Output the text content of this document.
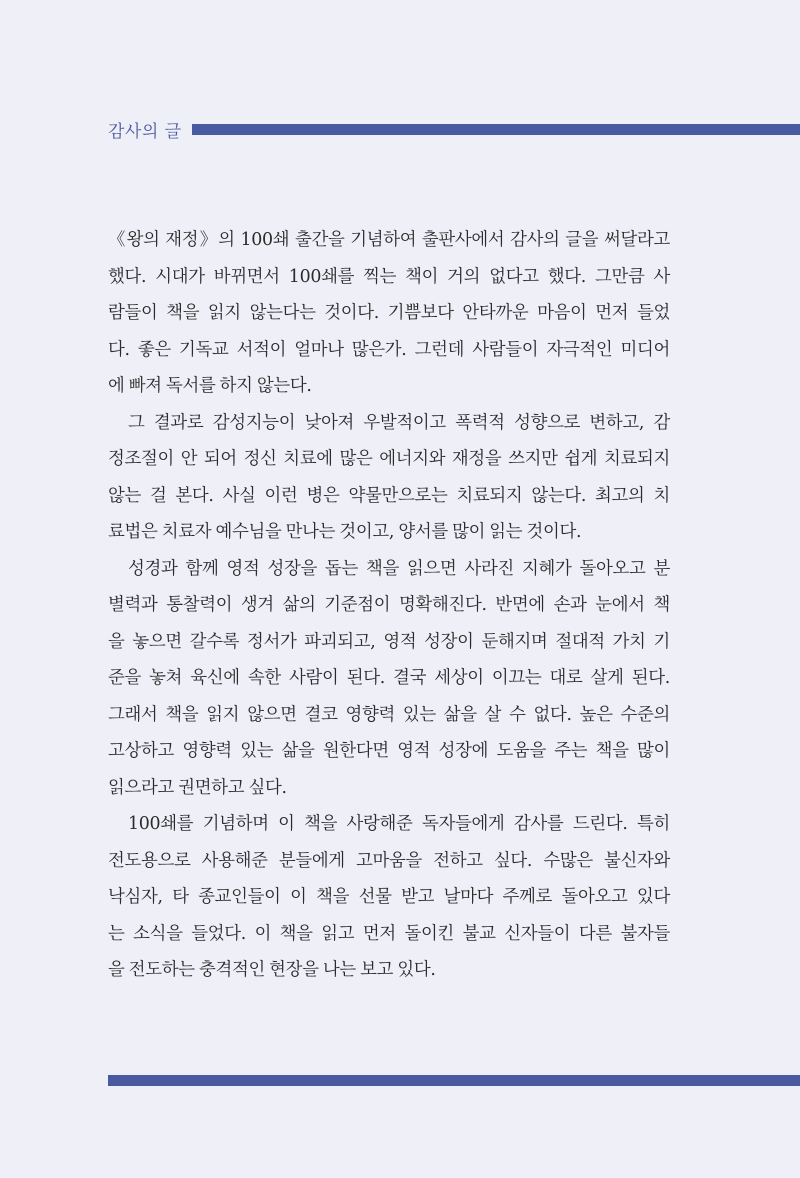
감사의 글

《왕의 재정》의 100쇄 출간을 기념하여 출판사에서 감사의 글을 써달라고
했다. 시대가 바뀌면서 100쇄를 찍는 책이 거의 없다고 했다. 그만큼 사
람들이 책을 읽지 않는다는 것이다. 기쁨보다 안타까운 마음이 먼저 들었
다. 좋은 기독교 서적이 얼마나 많은가. 그런데 사람들이 자극적인 미디어
에 빠져 독서를 하지 않는다.

그 결과로 감성지능이 낮아져 우발적이고 폭력적 성향으로 변하고, 감
정조절이 안 되어 정신 치료에 많은 에너지와 재정을 쓰지만 쉽게 치료되지
않는 걸 본다. 사실 이런 병은 약물만으로는 치료되지 않는다. 최고의 치
료법은 치료자 예수님을 만나는 것이고, 양서를 많이 읽는 것이다.

성경과 함께 영적 성장을 돕는 책을 읽으면 사라진 지혜가 돌아오고 분
별력과 통찰력이 생겨 삶의 기준점이 명확해진다. 반면에 손과 눈에서 책
을 놓으면 갈수록 정서가 파괴되고, 영적 성장이 둔해지며 절대적 가치 기
준을 놓쳐 육신에 속한 사람이 된다. 결국 세상이 이끄는 대로 살게 된다.
그래서 책을 읽지 않으면 결코 영향력 있는 삶을 살 수 없다. 높은 수준의
고상하고 영향력 있는 삶을 원한다면 영적 성장에 도움을 주는 책을 많이
읽으라고 권면하고 싶다.

100쇄를 기념하며 이 책을 사랑해준 독자들에게 감사를 드린다. 특히
전도용으로 사용해준 분들에게 고마움을 전하고 싶다. 수많은 불신자와
낙심자, 타 종교인들이 이 책을 선물 받고 날마다 주께로 돌아오고 있다
는 소식을 들었다. 이 책을 읽고 먼저 돌이킨 불교 신자들이 다른 불자들
을 전도하는 충격적인 현장을 나는 보고 있다.
